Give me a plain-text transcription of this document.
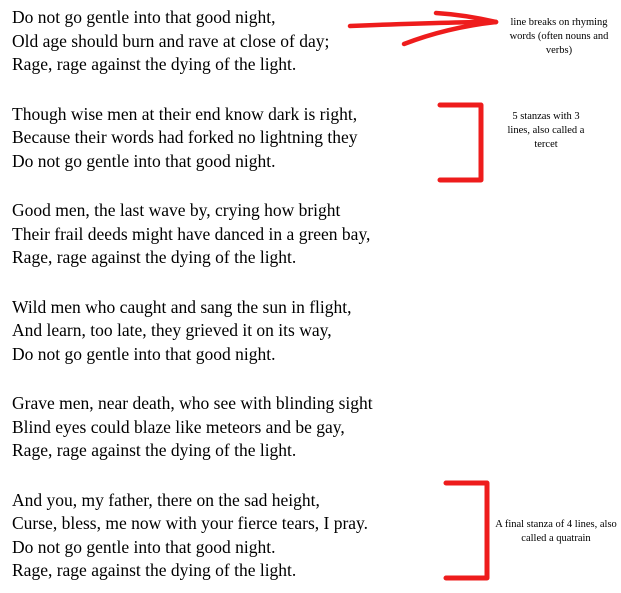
Do not go gentle into that good night,
Old age should burn and rave at close of day;
Rage, rage against the dying of the light.
Though wise men at their end know dark is right,
Because their words had forked no lightning they
Do not go gentle into that good night.
Good men, the last wave by, crying how bright
Their frail deeds might have danced in a green bay,
Rage, rage against the dying of the light.
Wild men who caught and sang the sun in flight,
And learn, too late, they grieved it on its way,
Do not go gentle into that good night.
Grave men, near death, who see with blinding sight
Blind eyes could blaze like meteors and be gay,
Rage, rage against the dying of the light.
And you, my father, there on the sad height,
Curse, bless, me now with your fierce tears, I pray.
Do not go gentle into that good night.
Rage, rage against the dying of the light.
line breaks on rhyming words (often nouns and verbs)
5 stanzas with 3 lines, also called a tercet
A final stanza of 4 lines, also called a quatrain
